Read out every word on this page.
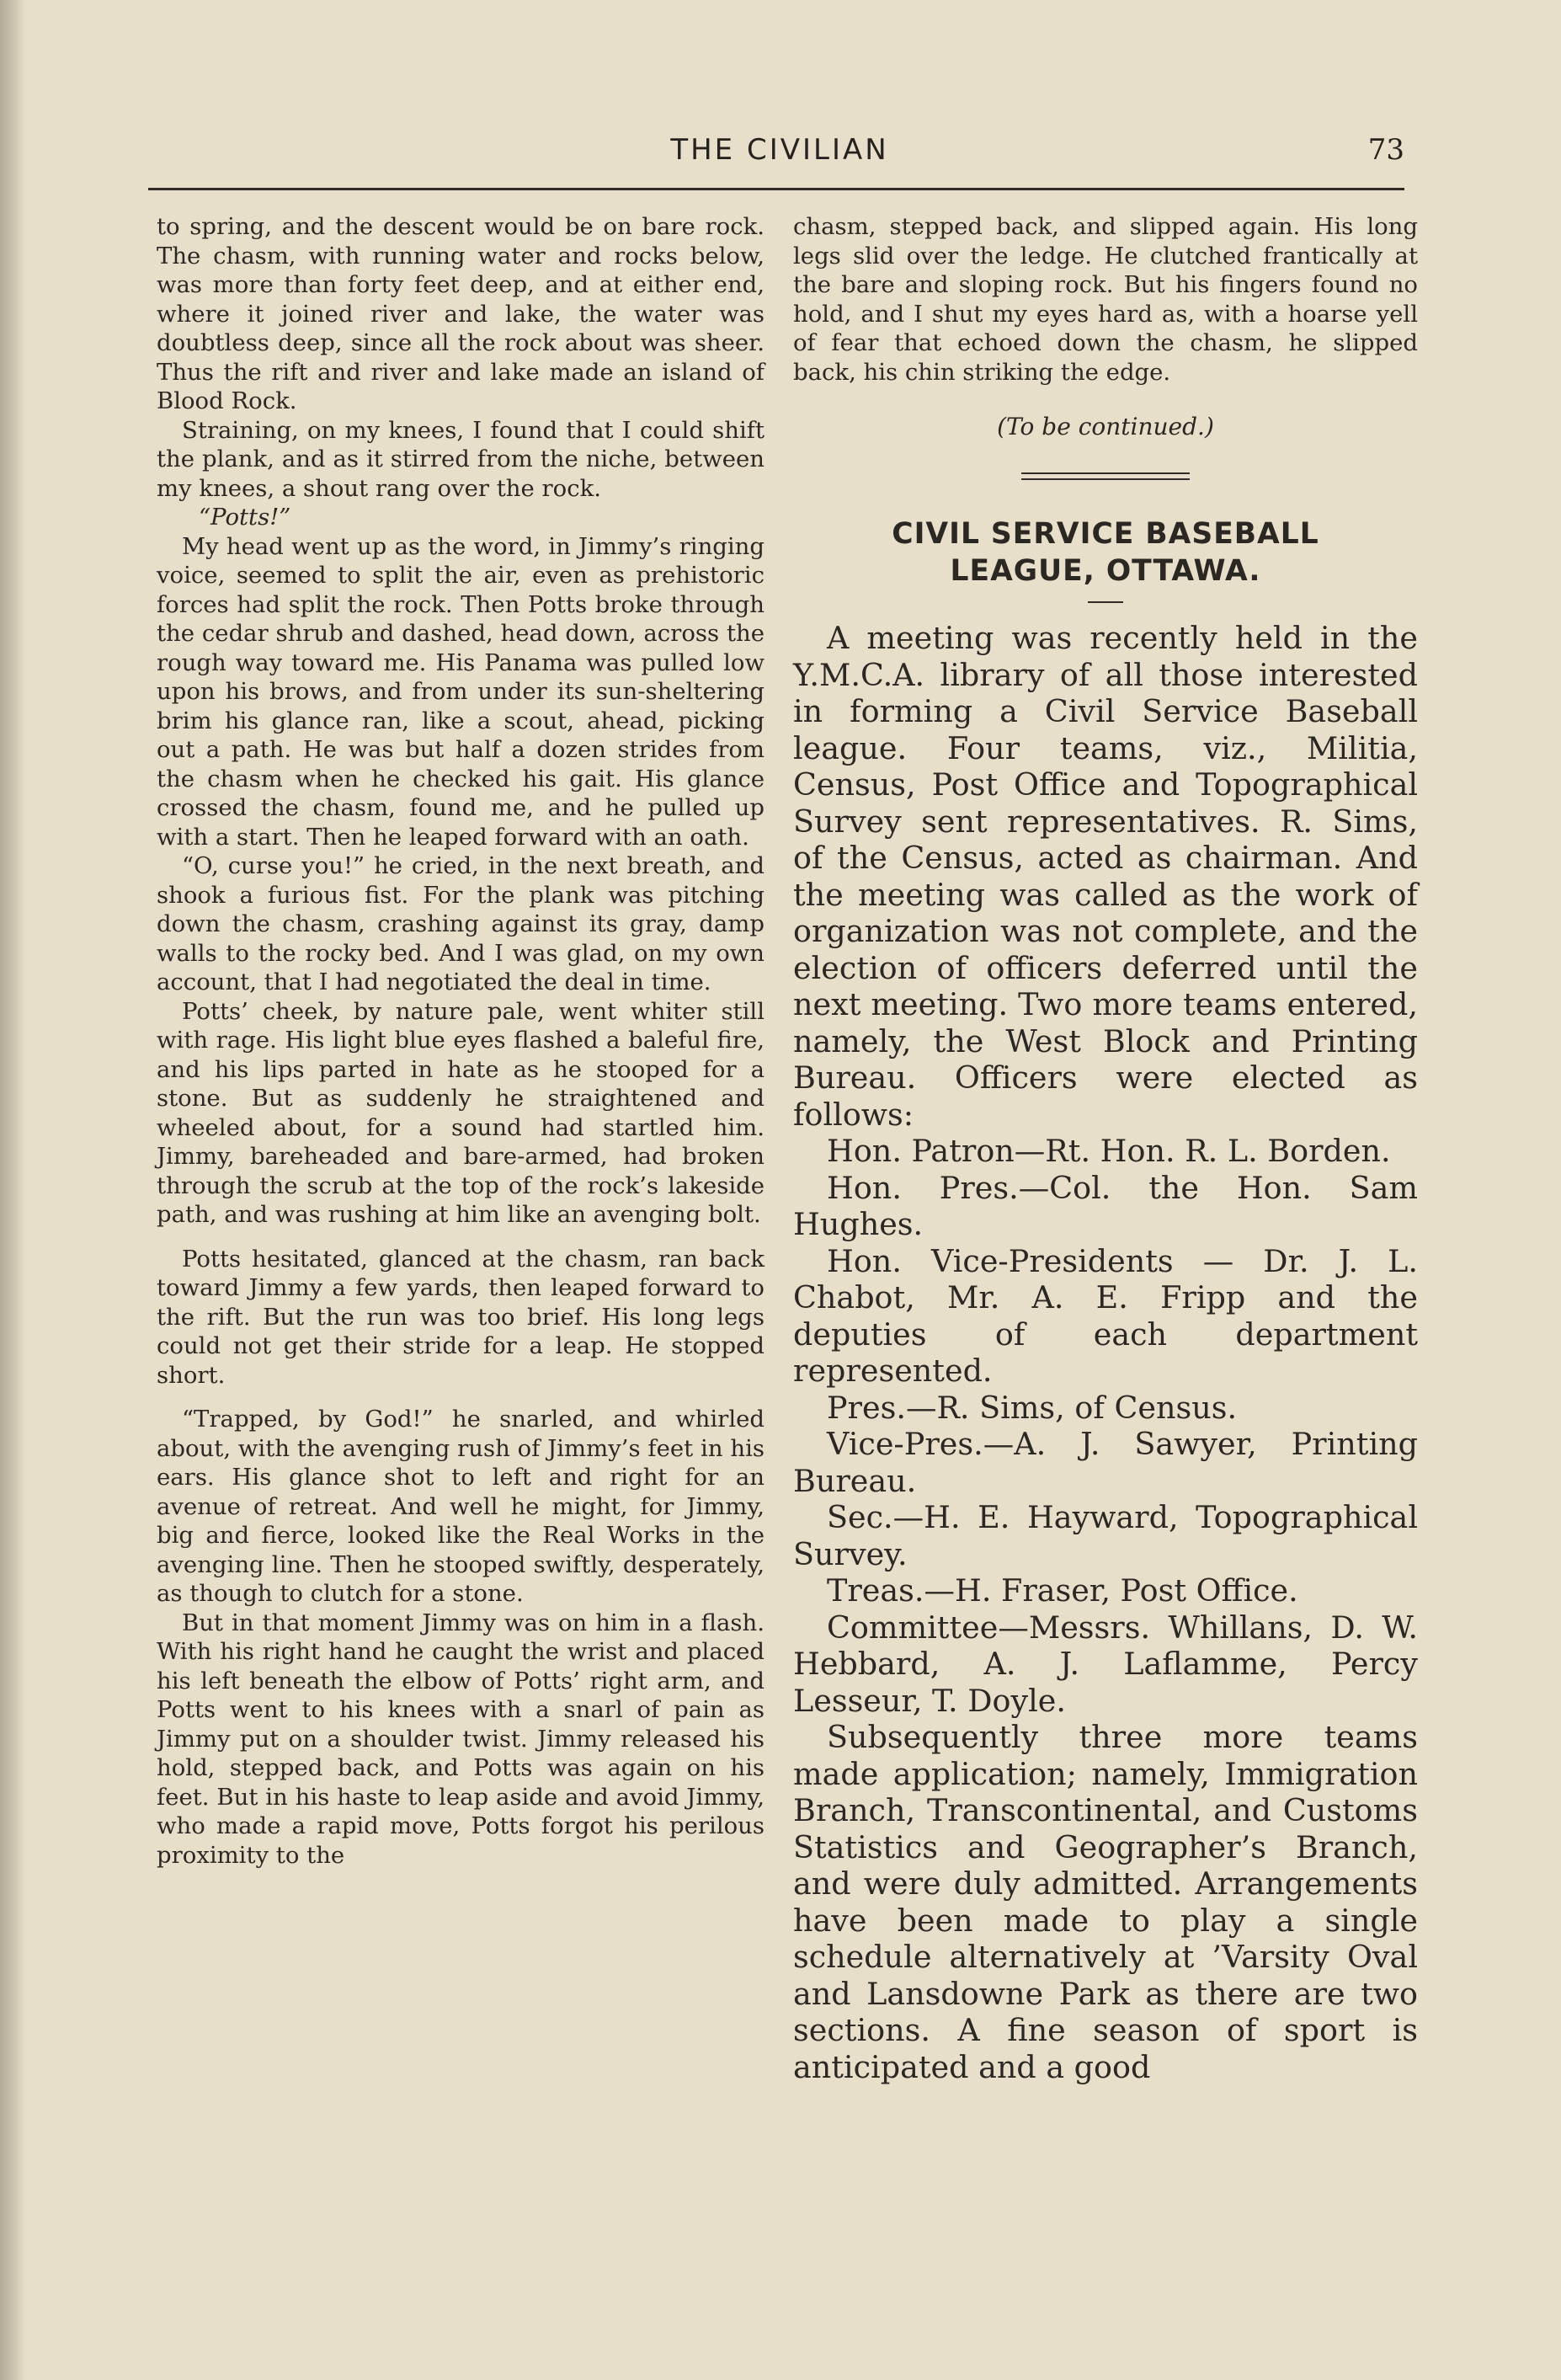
THE CIVILIAN	73

to spring, and the descent would be on bare rock. The chasm, with running water and rocks below, was more than forty feet deep, and at either end, where it joined river and lake, the water was doubtless deep, since all the rock about was sheer. Thus the rift and river and lake made an island of Blood Rock.

Straining, on my knees, I found that I could shift the plank, and as it stirred from the niche, between my knees, a shout rang over the rock.

“Potts!”

My head went up as the word, in Jimmy’s ringing voice, seemed to split the air, even as prehistoric forces had split the rock. Then Potts broke through the cedar shrub and dashed, head down, across the rough way toward me. His Panama was pulled low upon his brows, and from under its sun-sheltering brim his glance ran, like a scout, ahead, picking out a path. He was but half a dozen strides from the chasm when he checked his gait. His glance crossed the chasm, found me, and he pulled up with a start. Then he leaped forward with an oath.

“O, curse you!” he cried, in the next breath, and shook a furious fist. For the plank was pitching down the chasm, crashing against its gray, damp walls to the rocky bed. And I was glad, on my own account, that I had negotiated the deal in time.

Potts’ cheek, by nature pale, went whiter still with rage. His light blue eyes flashed a baleful fire, and his lips parted in hate as he stooped for a stone. But as suddenly he straightened and wheeled about, for a sound had startled him. Jimmy, bareheaded and bare-armed, had broken through the scrub at the top of the rock’s lakeside path, and was rushing at him like an avenging bolt.

Potts hesitated, glanced at the chasm, ran back toward Jimmy a few yards, then leaped forward to the rift. But the run was too brief. His long legs could not get their stride for a leap. He stopped short.

“Trapped, by God!” he snarled, and whirled about, with the avenging rush of Jimmy’s feet in his ears. His glance shot to left and right for an avenue of retreat. And well he might, for Jimmy, big and fierce, looked like the Real Works in the avenging line. Then he stooped swiftly, desperately, as though to clutch for a stone.

But in that moment Jimmy was on him in a flash. With his right hand he caught the wrist and placed his left beneath the elbow of Potts’ right arm, and Potts went to his knees with a snarl of pain as Jimmy put on a shoulder twist. Jimmy released his hold, stepped back, and Potts was again on his feet. But in his haste to leap aside and avoid Jimmy, who made a rapid move, Potts forgot his perilous proximity to the

chasm, stepped back, and slipped again. His long legs slid over the ledge. He clutched frantically at the bare and sloping rock. But his fingers found no hold, and I shut my eyes hard as, with a hoarse yell of fear that echoed down the chasm, he slipped back, his chin striking the edge.

(To be continued.)

CIVIL SERVICE BASEBALL
LEAGUE, OTTAWA.

A meeting was recently held in the Y.M.C.A. library of all those interested in forming a Civil Service Baseball league. Four teams, viz., Militia, Census, Post Office and Topographical Survey sent representatives. R. Sims, of the Census, acted as chairman. And the meeting was called as the work of organization was not complete, and the election of officers deferred until the next meeting. Two more teams entered, namely, the West Block and Printing Bureau. Officers were elected as follows:

Hon. Patron—Rt. Hon. R. L. Borden.

Hon. Pres.—Col. the Hon. Sam Hughes.

Hon. Vice-Presidents — Dr. J. L. Chabot, Mr. A. E. Fripp and the deputies of each department represented.

Pres.—R. Sims, of Census.

Vice-Pres.—A. J. Sawyer, Printing Bureau.

Sec.—H. E. Hayward, Topographical Survey.

Treas.—H. Fraser, Post Office.

Committee—Messrs. Whillans, D. W. Hebbard, A. J. Laflamme, Percy Lesseur, T. Doyle.

Subsequently three more teams made application; namely, Immigration Branch, Transcontinental, and Customs Statistics and Geographer’s Branch, and were duly admitted. Arrangements have been made to play a single schedule alternatively at ’Varsity Oval and Lansdowne Park as there are two sections. A fine season of sport is anticipated and a good
